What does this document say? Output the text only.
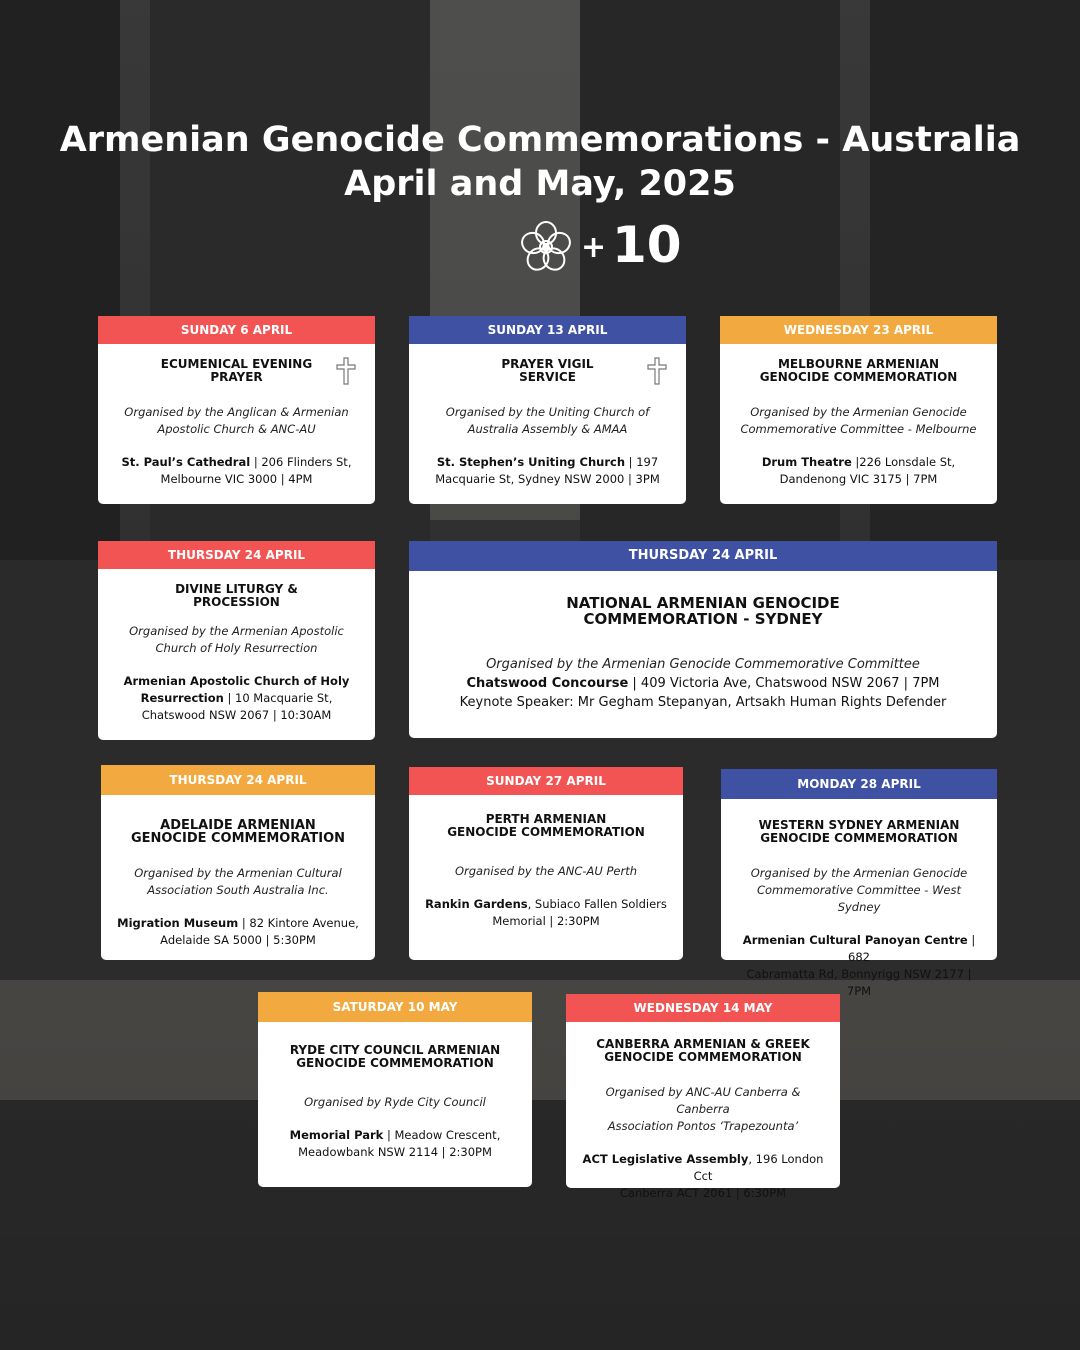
Armenian Genocide Commemorations - Australia
April and May, 2025
+ 10
SUNDAY 6 APRIL
ECUMENICAL EVENING
PRAYER
Organised by the Anglican & Armenian
Apostolic Church & ANC-AU
St. Paul’s Cathedral | 206 Flinders St,
Melbourne VIC 3000 | 4PM
SUNDAY 13 APRIL
PRAYER VIGIL
SERVICE
Organised by the Uniting Church of
Australia Assembly & AMAA
St. Stephen’s Uniting Church | 197
Macquarie St, Sydney NSW 2000 | 3PM
WEDNESDAY 23 APRIL
MELBOURNE ARMENIAN
GENOCIDE COMMEMORATION
Organised by the Armenian Genocide
Commemorative Committee - Melbourne
Drum Theatre |226 Lonsdale St,
Dandenong VIC 3175 | 7PM
THURSDAY 24 APRIL
DIVINE LITURGY &
PROCESSION
Organised by the Armenian Apostolic
Church of Holy Resurrection
Armenian Apostolic Church of Holy
Resurrection | 10 Macquarie St,
Chatswood NSW 2067 | 10:30AM
THURSDAY 24 APRIL
NATIONAL ARMENIAN GENOCIDE
COMMEMORATION - SYDNEY
Organised by the Armenian Genocide Commemorative Committee
Chatswood Concourse | 409 Victoria Ave, Chatswood NSW 2067 | 7PM
Keynote Speaker: Mr Gegham Stepanyan, Artsakh Human Rights Defender
THURSDAY 24 APRIL
ADELAIDE ARMENIAN
GENOCIDE COMMEMORATION
Organised by the Armenian Cultural
Association South Australia Inc.
Migration Museum | 82 Kintore Avenue,
Adelaide SA 5000 | 5:30PM
SUNDAY 27 APRIL
PERTH ARMENIAN
GENOCIDE COMMEMORATION
Organised by the ANC-AU Perth
Rankin Gardens, Subiaco Fallen Soldiers
Memorial | 2:30PM
MONDAY 28 APRIL
WESTERN SYDNEY ARMENIAN
GENOCIDE COMMEMORATION
Organised by the Armenian Genocide
Commemorative Committee - West Sydney
Armenian Cultural Panoyan Centre | 682
Cabramatta Rd, Bonnyrigg NSW 2177 | 7PM
SATURDAY 10 MAY
RYDE CITY COUNCIL ARMENIAN
GENOCIDE COMMEMORATION
Organised by Ryde City Council
Memorial Park | Meadow Crescent,
Meadowbank NSW 2114 | 2:30PM
WEDNESDAY 14 MAY
CANBERRA ARMENIAN & GREEK
GENOCIDE COMMEMORATION
Organised by ANC-AU Canberra & Canberra
Association Pontos ‘Trapezounta’
ACT Legislative Assembly, 196 London Cct
Canberra ACT 2061 | 6:30PM
